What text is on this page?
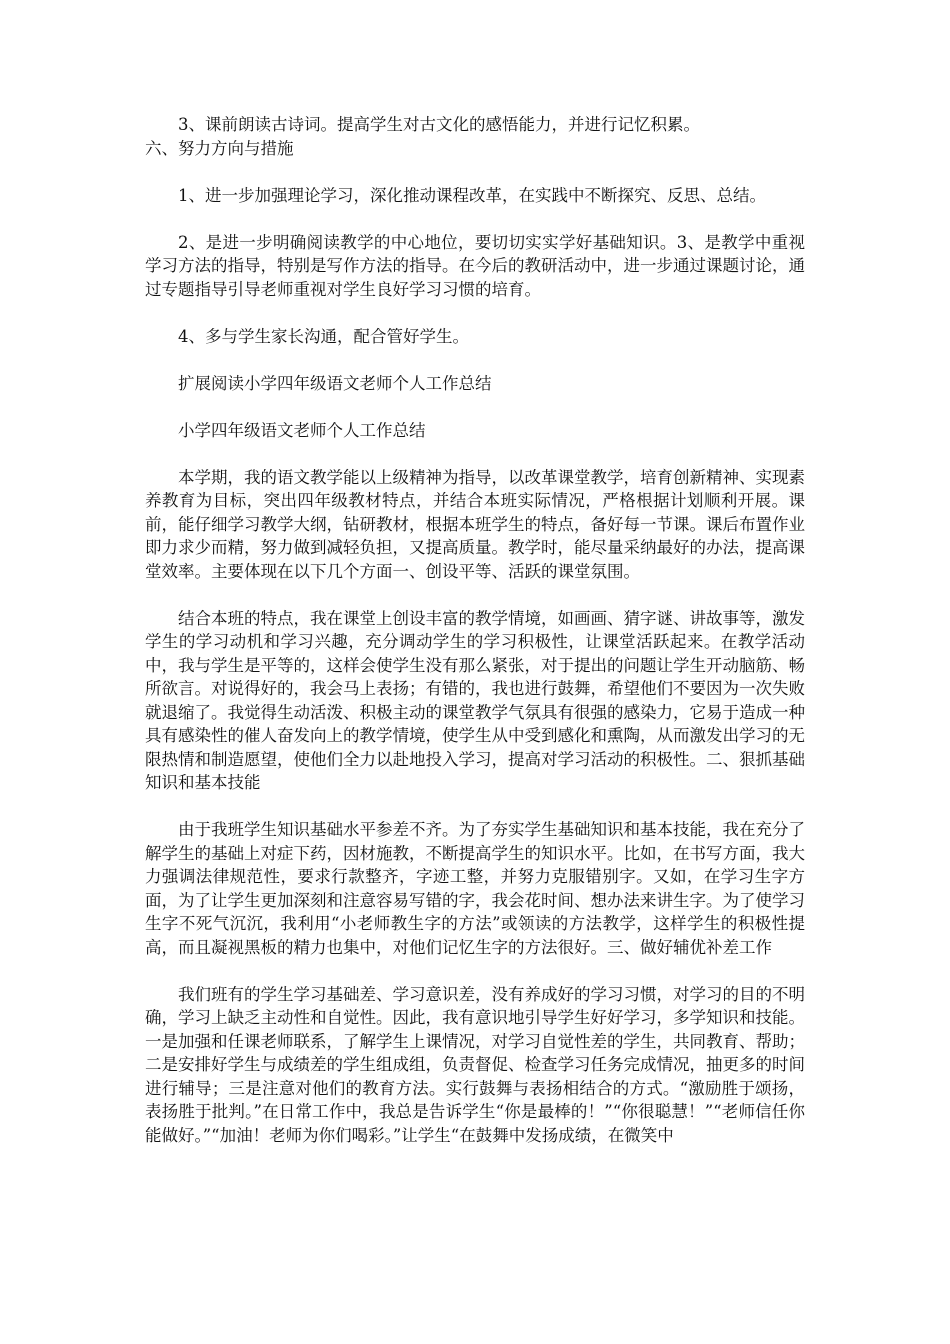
3、课前朗读古诗词。提高学生对古文化的感悟能力，并进行记忆积累。

六、努力方向与措施

1、进一步加强理论学习，深化推动课程改革，在实践中不断探究、反思、总结。

2、是进一步明确阅读教学的中心地位，要切切实实学好基础知识。3、是教学中重视学习方法的指导，特别是写作方法的指导。在今后的教研活动中，进一步通过课题讨论，通过专题指导引导老师重视对学生良好学习习惯的培育。

4、多与学生家长沟通，配合管好学生。

扩展阅读小学四年级语文老师个人工作总结

小学四年级语文老师个人工作总结

本学期，我的语文教学能以上级精神为指导，以改革课堂教学，培育创新精神、实现素养教育为目标，突出四年级教材特点，并结合本班实际情况，严格根据计划顺利开展。课前，能仔细学习教学大纲，钻研教材，根据本班学生的特点，备好每一节课。课后布置作业即力求少而精，努力做到减轻负担，又提高质量。教学时，能尽量采纳最好的办法，提高课堂效率。主要体现在以下几个方面一、创设平等、活跃的课堂氛围。

结合本班的特点，我在课堂上创设丰富的教学情境，如画画、猜字谜、讲故事等，激发学生的学习动机和学习兴趣，充分调动学生的学习积极性，让课堂活跃起来。在教学活动中，我与学生是平等的，这样会使学生没有那么紧张，对于提出的问题让学生开动脑筋、畅所欲言。对说得好的，我会马上表扬；有错的，我也进行鼓舞，希望他们不要因为一次失败就退缩了。我觉得生动活泼、积极主动的课堂教学气氛具有很强的感染力，它易于造成一种具有感染性的催人奋发向上的教学情境，使学生从中受到感化和熏陶，从而激发出学习的无限热情和制造愿望，使他们全力以赴地投入学习，提高对学习活动的积极性。二、狠抓基础知识和基本技能

由于我班学生知识基础水平参差不齐。为了夯实学生基础知识和基本技能，我在充分了解学生的基础上对症下药，因材施教，不断提高学生的知识水平。比如，在书写方面，我大力强调法律规范性，要求行款整齐，字迹工整，并努力克服错别字。又如，在学习生字方面，为了让学生更加深刻和注意容易写错的字，我会花时间、想办法来讲生字。为了使学习生字不死气沉沉，我利用“小老师教生字的方法”或领读的方法教学，这样学生的积极性提高，而且凝视黑板的精力也集中，对他们记忆生字的方法很好。三、做好辅优补差工作

我们班有的学生学习基础差、学习意识差，没有养成好的学习习惯，对学习的目的不明确，学习上缺乏主动性和自觉性。因此，我有意识地引导学生好好学习，多学知识和技能。一是加强和任课老师联系，了解学生上课情况，对学习自觉性差的学生，共同教育、帮助；二是安排好学生与成绩差的学生组成组，负责督促、检查学习任务完成情况，抽更多的时间进行辅导；三是注意对他们的教育方法。实行鼓舞与表扬相结合的方式。“激励胜于颂扬，表扬胜于批判。”在日常工作中，我总是告诉学生“你是最棒的！”“你很聪慧！”“老师信任你能做好。”“加油！老师为你们喝彩。”让学生“在鼓舞中发扬成绩，在微笑中
